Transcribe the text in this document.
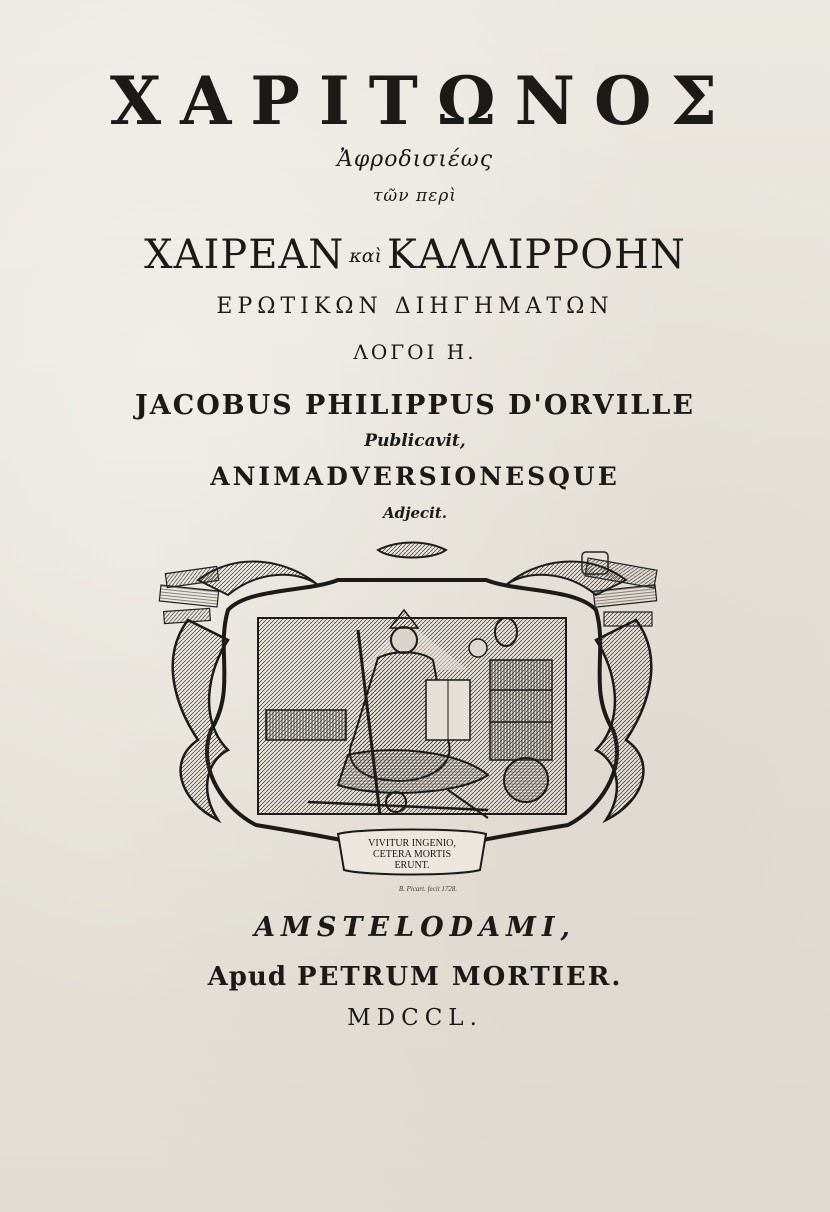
ΧΑΡΙΤΩΝΟΣ
Ἀφροδισιέως
τῶν περὶ
ΧΑΙΡΕΑΝ καὶ ΚΑΛΛΙΡΡΟΗΝ
ΕΡΩΤΙΚΩΝ ΔΙΗΓΗΜΑΤΩΝ
ΛΟΓΟΙ Η̄.
JACOBUS PHILIPPUS D'ORVILLE
Publicavit,
ANIMADVERSIONESQUE
Adjecit.
VIVITUR INGENIO,
CETERA MORTIS
ERUNT.
B. Picart. fecit 1728.
AMSTELODAMI,
Apud PETRUM MORTIER.
MDCCL.
